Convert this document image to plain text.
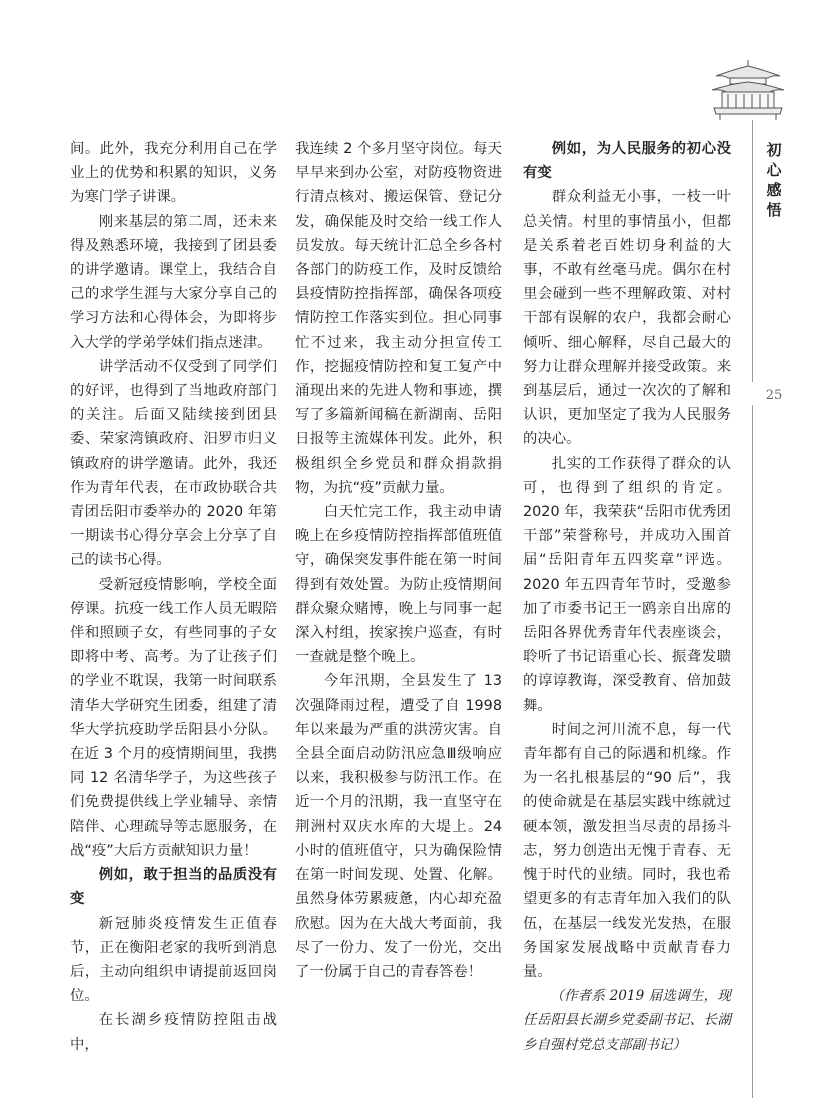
初
心
感
悟
25

间。此外，我充分利用自己在学业上的优势和积累的知识，义务为寒门学子讲课。

刚来基层的第二周，还未来得及熟悉环境，我接到了团县委的讲学邀请。课堂上，我结合自己的求学生涯与大家分享自己的学习方法和心得体会，为即将步入大学的学弟学妹们指点迷津。

讲学活动不仅受到了同学们的好评，也得到了当地政府部门的关注。后面又陆续接到团县委、荣家湾镇政府、汨罗市归义镇政府的讲学邀请。此外，我还作为青年代表，在市政协联合共青团岳阳市委举办的 2020 年第一期读书心得分享会上分享了自己的读书心得。

受新冠疫情影响，学校全面停课。抗疫一线工作人员无暇陪伴和照顾子女，有些同事的子女即将中考、高考。为了让孩子们的学业不耽误，我第一时间联系清华大学研究生团委，组建了清华大学抗疫助学岳阳县小分队。在近 3 个月的疫情期间里，我携同 12 名清华学子，为这些孩子们免费提供线上学业辅导、亲情陪伴、心理疏导等志愿服务，在战“疫”大后方贡献知识力量！

例如，敢于担当的品质没有变

新冠肺炎疫情发生正值春节，正在衡阳老家的我听到消息后，主动向组织申请提前返回岗位。

在长湖乡疫情防控阻击战中，

我连续 2 个多月坚守岗位。每天早早来到办公室，对防疫物资进行清点核对、搬运保管、登记分发，确保能及时交给一线工作人员发放。每天统计汇总全乡各村各部门的防疫工作，及时反馈给县疫情防控指挥部，确保各项疫情防控工作落实到位。担心同事忙不过来，我主动分担宣传工作，挖掘疫情防控和复工复产中涌现出来的先进人物和事迹，撰写了多篇新闻稿在新湖南、岳阳日报等主流媒体刊发。此外，积极组织全乡党员和群众捐款捐物，为抗“疫”贡献力量。

白天忙完工作，我主动申请晚上在乡疫情防控指挥部值班值守，确保突发事件能在第一时间得到有效处置。为防止疫情期间群众聚众赌博，晚上与同事一起深入村组，挨家挨户巡查，有时一查就是整个晚上。

今年汛期，全县发生了 13 次强降雨过程，遭受了自 1998 年以来最为严重的洪涝灾害。自全县全面启动防汛应急Ⅲ级响应以来，我积极参与防汛工作。在近一个月的汛期，我一直坚守在荆洲村双庆水库的大堤上。24 小时的值班值守，只为确保险情在第一时间发现、处置、化解。虽然身体劳累疲惫，内心却充盈欣慰。因为在大战大考面前，我尽了一份力、发了一份光，交出了一份属于自己的青春答卷！

例如，为人民服务的初心没有变

群众利益无小事，一枝一叶总关情。村里的事情虽小，但都是关系着老百姓切身利益的大事，不敢有丝毫马虎。偶尔在村里会碰到一些不理解政策、对村干部有误解的农户，我都会耐心倾听、细心解释，尽自己最大的努力让群众理解并接受政策。来到基层后，通过一次次的了解和认识，更加坚定了我为人民服务的决心。

扎实的工作获得了群众的认可，也得到了组织的肯定。2020 年，我荣获“岳阳市优秀团干部”荣誉称号，并成功入围首届“岳阳青年五四奖章”评选。2020 年五四青年节时，受邀参加了市委书记王一鸥亲自出席的岳阳各界优秀青年代表座谈会，聆听了书记语重心长、振聋发聩的谆谆教诲，深受教育、倍加鼓舞。

时间之河川流不息，每一代青年都有自己的际遇和机缘。作为一名扎根基层的“90 后”，我的使命就是在基层实践中练就过硬本领，激发担当尽责的昂扬斗志，努力创造出无愧于青春、无愧于时代的业绩。同时，我也希望更多的有志青年加入我们的队伍，在基层一线发光发热，在服务国家发展战略中贡献青春力量。

（作者系 2019 届选调生，现任岳阳县长湖乡党委副书记、长湖乡自强村党总支部副书记）
